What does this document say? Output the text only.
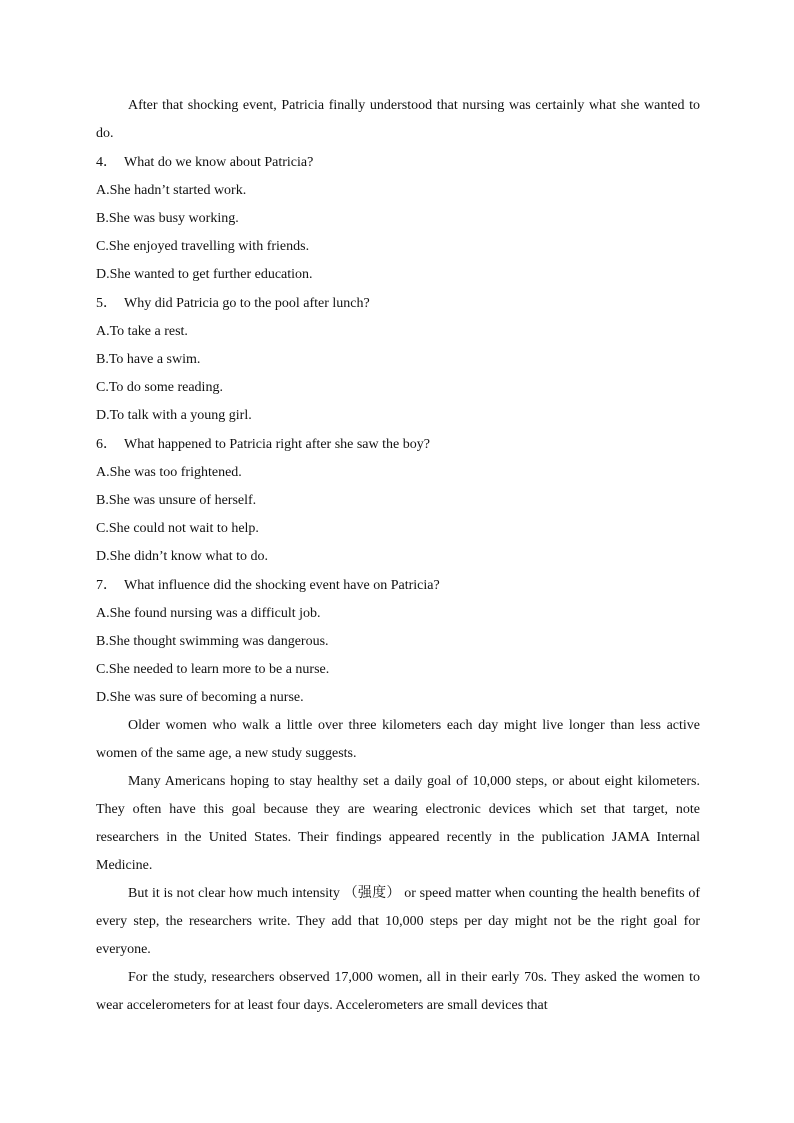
After that shocking event, Patricia finally understood that nursing was certainly what she wanted to do.

4． What do we know about Patricia?

A.She hadn’t started work.

B.She was busy working.

C.She enjoyed travelling with friends.

D.She wanted to get further education.

5． Why did Patricia go to the pool after lunch?

A.To take a rest.

B.To have a swim.

C.To do some reading.

D.To talk with a young girl.

6． What happened to Patricia right after she saw the boy?

A.She was too frightened.

B.She was unsure of herself.

C.She could not wait to help.

D.She didn’t know what to do.

7． What influence did the shocking event have on Patricia?

A.She found nursing was a difficult job.

B.She thought swimming was dangerous.

C.She needed to learn more to be a nurse.

D.She was sure of becoming a nurse.

Older women who walk a little over three kilometers each day might live longer than less active women of the same age, a new study suggests.

Many Americans hoping to stay healthy set a daily goal of 10,000 steps, or about eight kilometers. They often have this goal because they are wearing electronic devices which set that target, note researchers in the United States. Their findings appeared recently in the publication JAMA Internal Medicine.

But it is not clear how much intensity （强度） or speed matter when counting the health benefits of every step, the researchers write. They add that 10,000 steps per day might not be the right goal for everyone.

For the study, researchers observed 17,000 women, all in their early 70s. They asked the women to wear accelerometers for at least four days. Accelerometers are small devices that
